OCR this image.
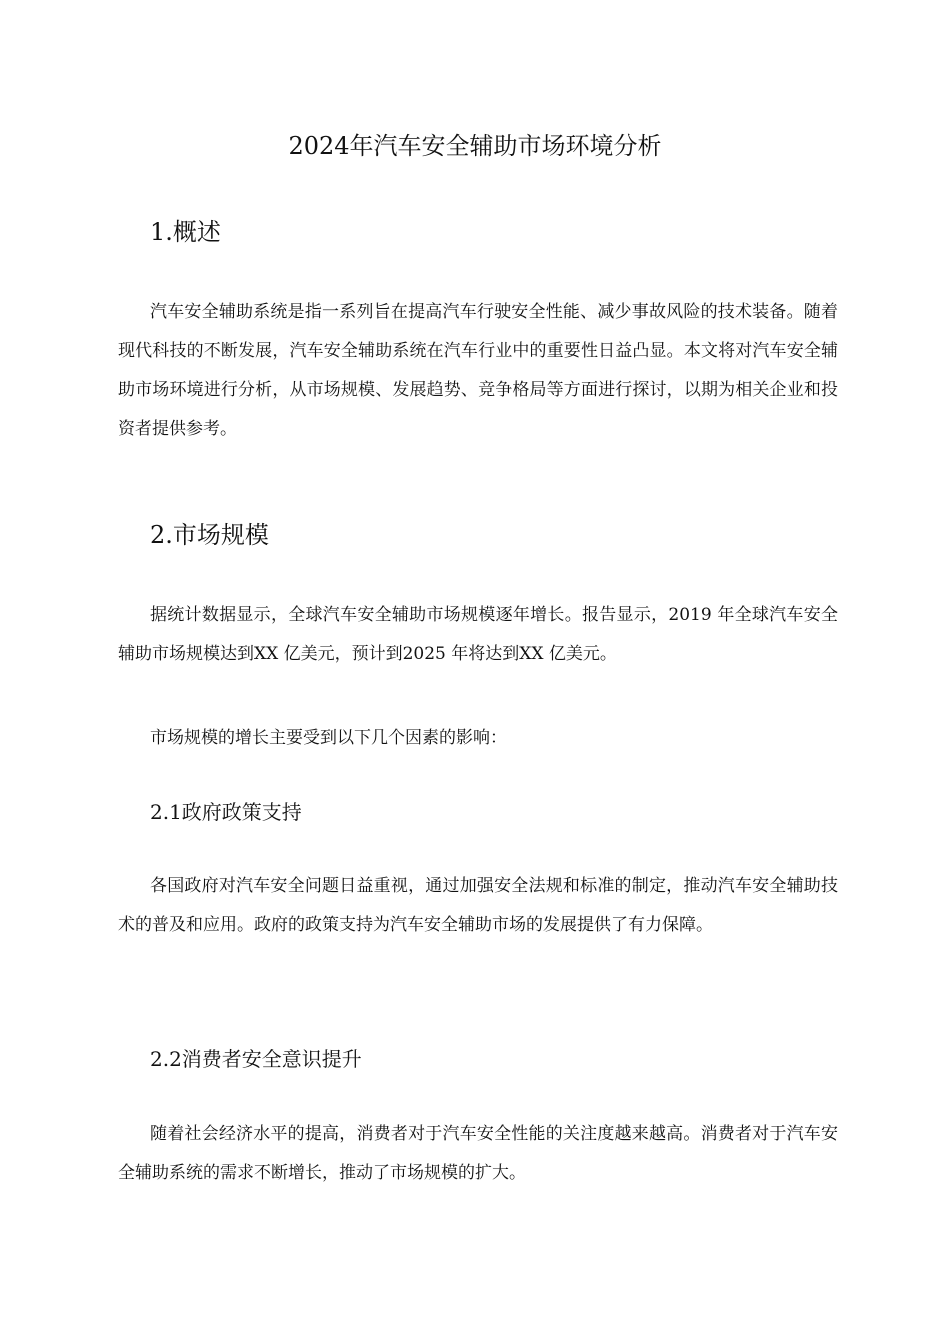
2024年汽车安全辅助市场环境分析
1.概述

汽车安全辅助系统是指一系列旨在提高汽车行驶安全性能、减少事故风险的技术装备。随着现代科技的不断发展，汽车安全辅助系统在汽车行业中的重要性日益凸显。本文将对汽车安全辅助市场环境进行分析，从市场规模、发展趋势、竞争格局等方面进行探讨，以期为相关企业和投资者提供参考。

2.市场规模

据统计数据显示，全球汽车安全辅助市场规模逐年增长。报告显示，2019 年全球汽车安全辅助市场规模达到XX 亿美元，预计到2025 年将达到XX 亿美元。

市场规模的增长主要受到以下几个因素的影响：

2.1政府政策支持

各国政府对汽车安全问题日益重视，通过加强安全法规和标准的制定，推动汽车安全辅助技术的普及和应用。政府的政策支持为汽车安全辅助市场的发展提供了有力保障。

2.2消费者安全意识提升

随着社会经济水平的提高，消费者对于汽车安全性能的关注度越来越高。消费者对于汽车安全辅助系统的需求不断增长，推动了市场规模的扩大。
